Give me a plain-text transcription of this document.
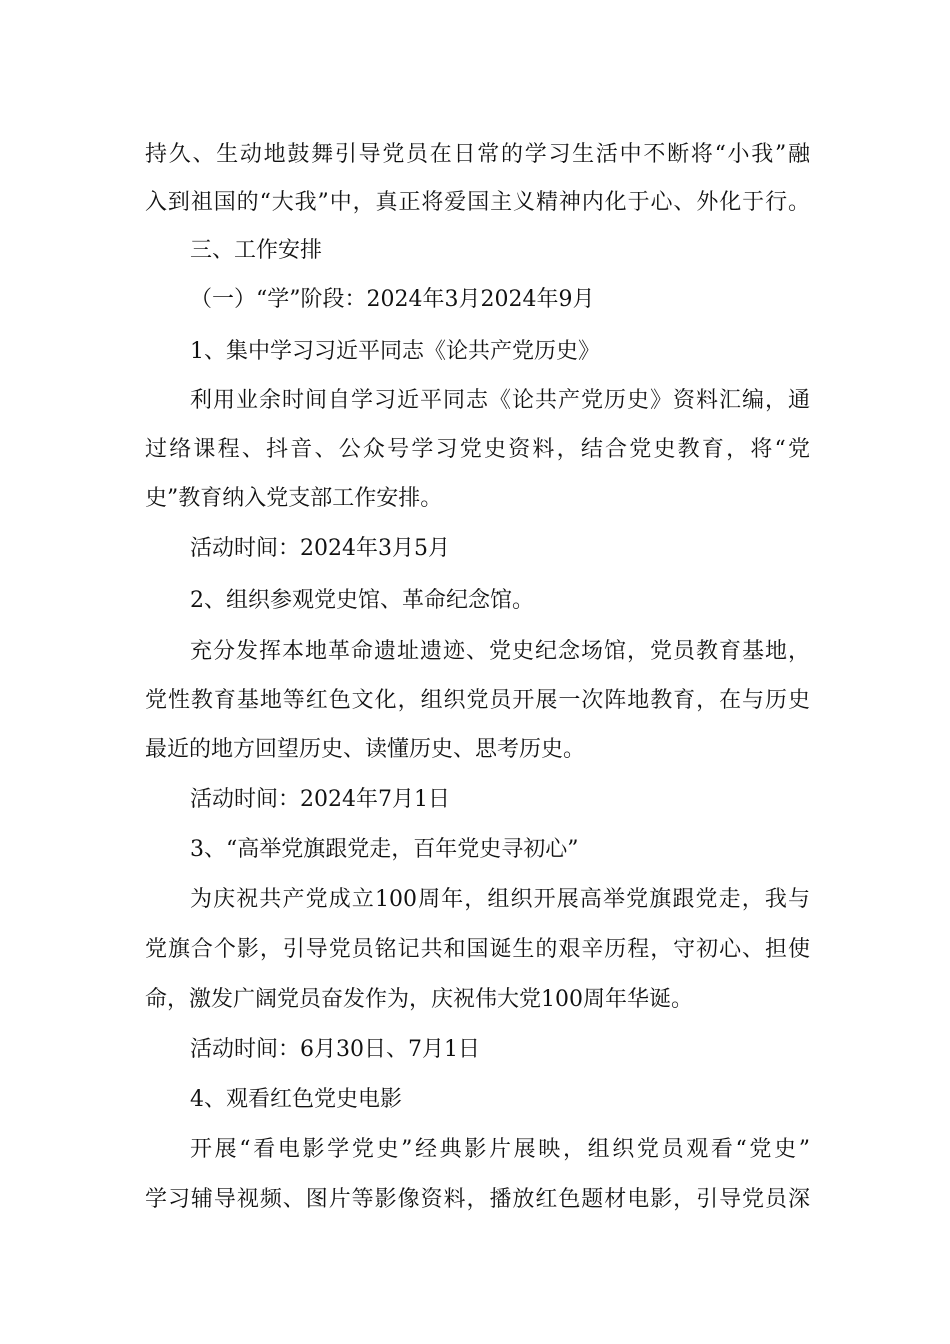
持久、生动地鼓舞引导党员在日常的学习生活中不断将“小我”融
入到祖国的“大我”中，真正将爱国主义精神内化于心、外化于行。
三、工作安排
（一）“学”阶段：2024年3月2024年9月
1、集中学习习近平同志《论共产党历史》
利用业余时间自学习近平同志《论共产党历史》资料汇编，通
过络课程、抖音、公众号学习党史资料，结合党史教育，将“党
史”教育纳入党支部工作安排。
活动时间：2024年3月5月
2、组织参观党史馆、革命纪念馆。
充分发挥本地革命遗址遗迹、党史纪念场馆，党员教育基地，
党性教育基地等红色文化，组织党员开展一次阵地教育，在与历史
最近的地方回望历史、读懂历史、思考历史。
活动时间：2024年7月1日
3、“高举党旗跟党走，百年党史寻初心”
为庆祝共产党成立100周年，组织开展高举党旗跟党走，我与
党旗合个影，引导党员铭记共和国诞生的艰辛历程，守初心、担使
命，激发广阔党员奋发作为，庆祝伟大党100周年华诞。
活动时间：6月30日、7月1日
4、观看红色党史电影
开展“看电影学党史”经典影片展映，组织党员观看“党史”
学习辅导视频、图片等影像资料，播放红色题材电影，引导党员深
